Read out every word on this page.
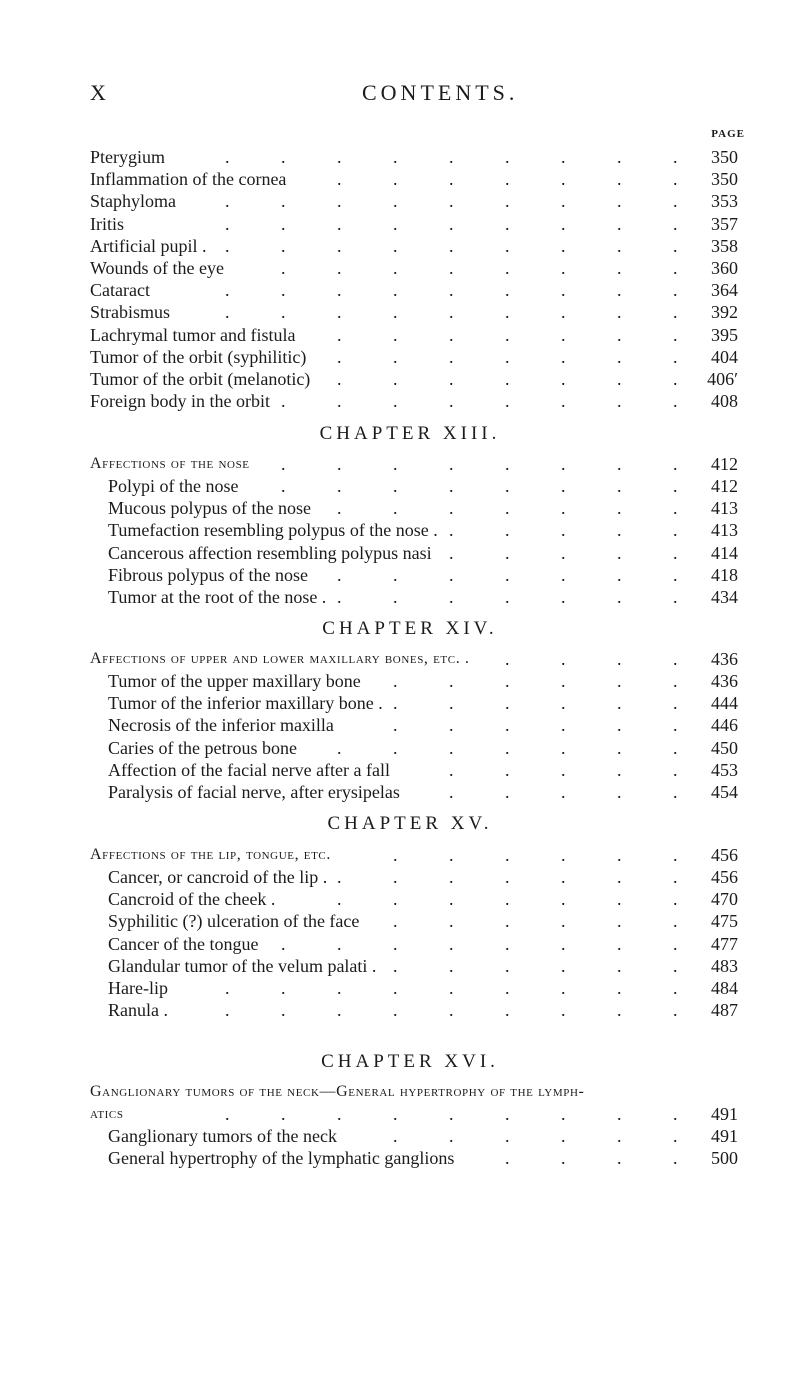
X	CONTENTS.
PAGE
Pterygium	350
.	.	.	.	.	.	.	.	.
Inflammation of the cornea	350
.	.	.	.	.	.	.
Staphyloma	353
.	.	.	.	.	.	.	.	.
Iritis	357
.	.	.	.	.	.	.	.	.
Artificial pupil .	358
.	.	.	.	.	.	.	.	.
Wounds of the eye	360
.	.	.	.	.	.	.	.
Cataract	364
.	.	.	.	.	.	.	.	.
Strabismus	392
.	.	.	.	.	.	.	.	.
Lachrymal tumor and fistula	395
.	.	.	.	.	.	.
Tumor of the orbit (syphilitic)	404
.	.	.	.	.	.	.
Tumor of the orbit (melanotic)	406′
.	.	.	.	.	.	.
Foreign body in the orbit	408
.	.	.	.	.	.	.	.
CHAPTER XIII.
Affections of the nose	412
.	.	.	.	.	.	.	.
Polypi of the nose	412
.	.	.	.	.	.	.	.
Mucous polypus of the nose	413
.	.	.	.	.	.	.
Tumefaction resembling polypus of the nose .	413
.	.	.	.	.
Cancerous affection resembling polypus nasi	414
.	.	.	.	.
Fibrous polypus of the nose	418
.	.	.	.	.	.	.
Tumor at the root of the nose .	434
.	.	.	.	.	.	.
CHAPTER XIV.
Affections of upper and lower maxillary bones, etc. .	436
.	.	.	.
Tumor of the upper maxillary bone	436
.	.	.	.	.	.
Tumor of the inferior maxillary bone .	444
.	.	.	.	.	.
Necrosis of the inferior maxilla	446
.	.	.	.	.	.
Caries of the petrous bone	450
.	.	.	.	.	.	.
Affection of the facial nerve after a fall	453
.	.	.	.	.
Paralysis of facial nerve, after erysipelas	454
.	.	.	.	.
CHAPTER XV.
Affections of the lip, tongue, etc.	456
.	.	.	.	.	.
Cancer, or cancroid of the lip .	456
.	.	.	.	.	.	.
Cancroid of the cheek .	470
.	.	.	.	.	.	.
Syphilitic (?) ulceration of the face	475
.	.	.	.	.	.
Cancer of the tongue	477
.	.	.	.	.	.	.	.
Glandular tumor of the velum palati .	483
.	.	.	.	.	.
Hare-lip	484
.	.	.	.	.	.	.	.	.
Ranula .	487
.	.	.	.	.	.	.	.	.
CHAPTER XVI.
Ganglionary tumors of the neck—General hypertrophy of the lymph-
atics	491
.	.	.	.	.	.	.	.	.
Ganglionary tumors of the neck	491
.	.	.	.	.	.
General hypertrophy of the lymphatic ganglions	500
.	.	.	.
